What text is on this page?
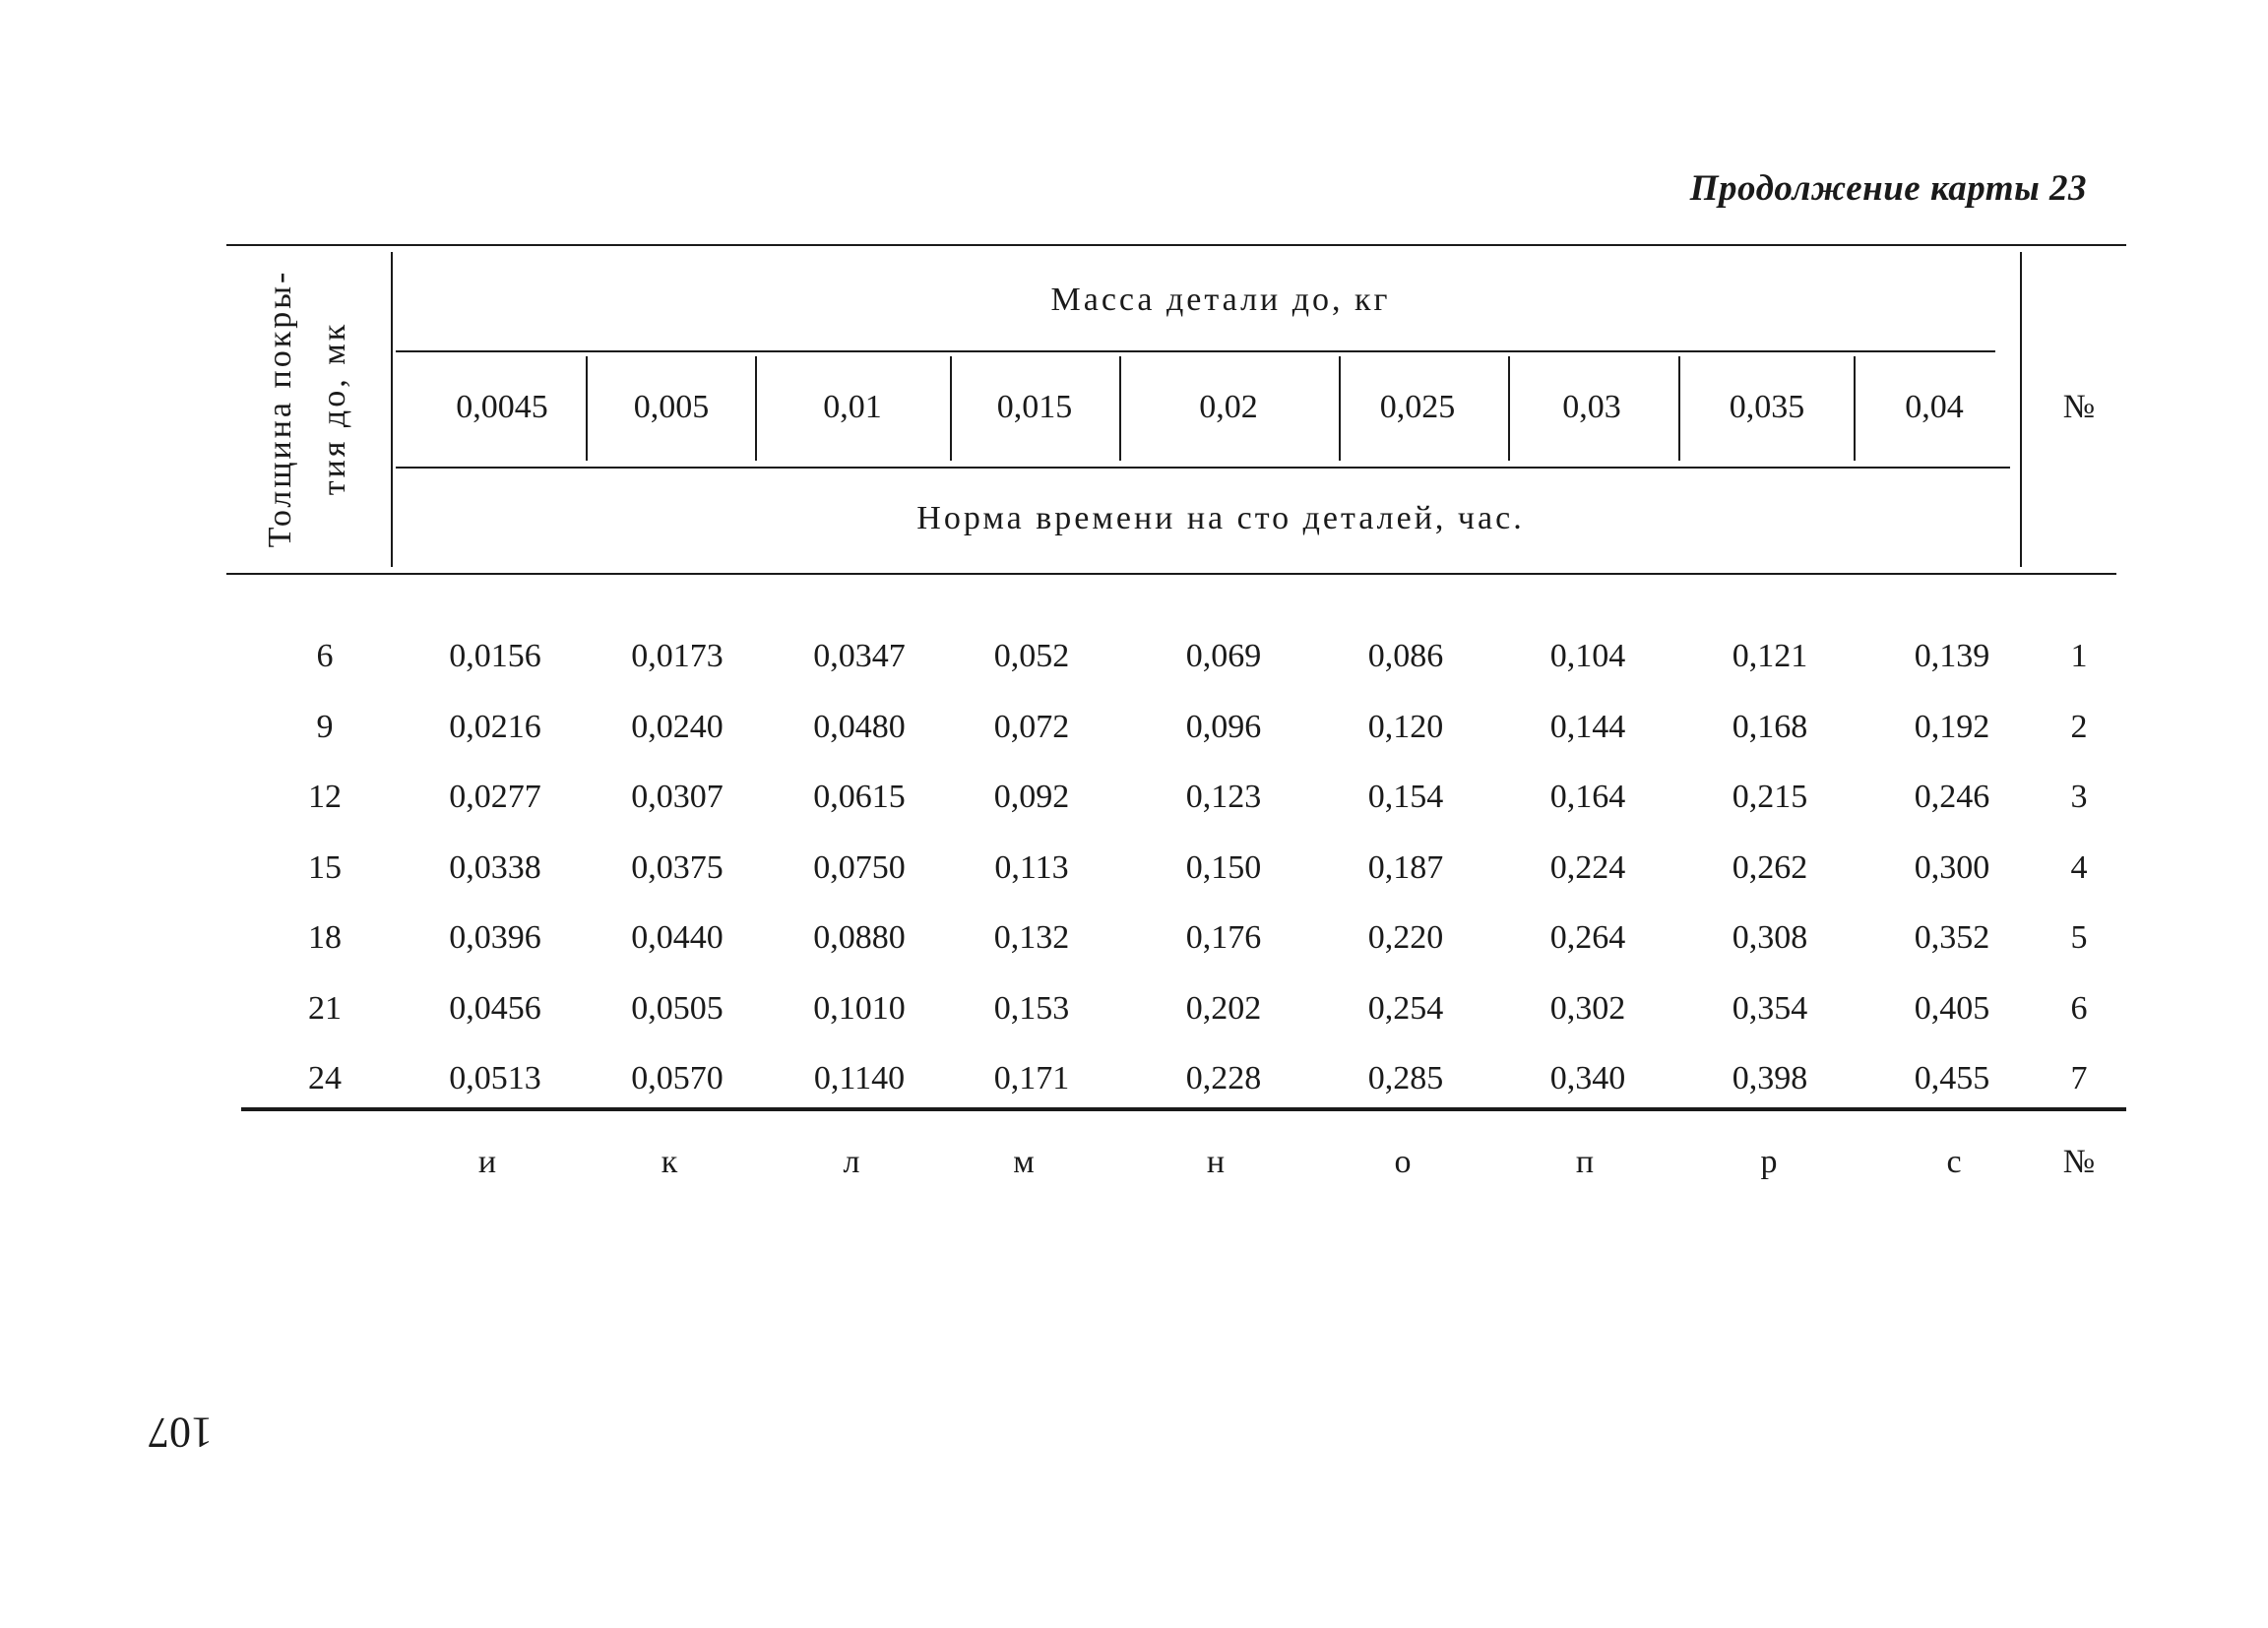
Продолжение карты 23
Толщина покры- тия до, мк
Масса детали до, кг
0,0045	0,005	0,01	0,015	0,02	0,025	0,03	0,035	0,04
Норма времени на сто деталей, час.
№
6	0,0156	0,0173	0,0347	0,052	0,069	0,086	0,104	0,121	0,139	1
9	0,0216	0,0240	0,0480	0,072	0,096	0,120	0,144	0,168	0,192	2
12	0,0277	0,0307	0,0615	0,092	0,123	0,154	0,164	0,215	0,246	3
15	0,0338	0,0375	0,0750	0,113	0,150	0,187	0,224	0,262	0,300	4
18	0,0396	0,0440	0,0880	0,132	0,176	0,220	0,264	0,308	0,352	5
21	0,0456	0,0505	0,1010	0,153	0,202	0,254	0,302	0,354	0,405	6
24	0,0513	0,0570	0,1140	0,171	0,228	0,285	0,340	0,398	0,455	7
и	к	л	м	н	о	п	р	с	№
107
